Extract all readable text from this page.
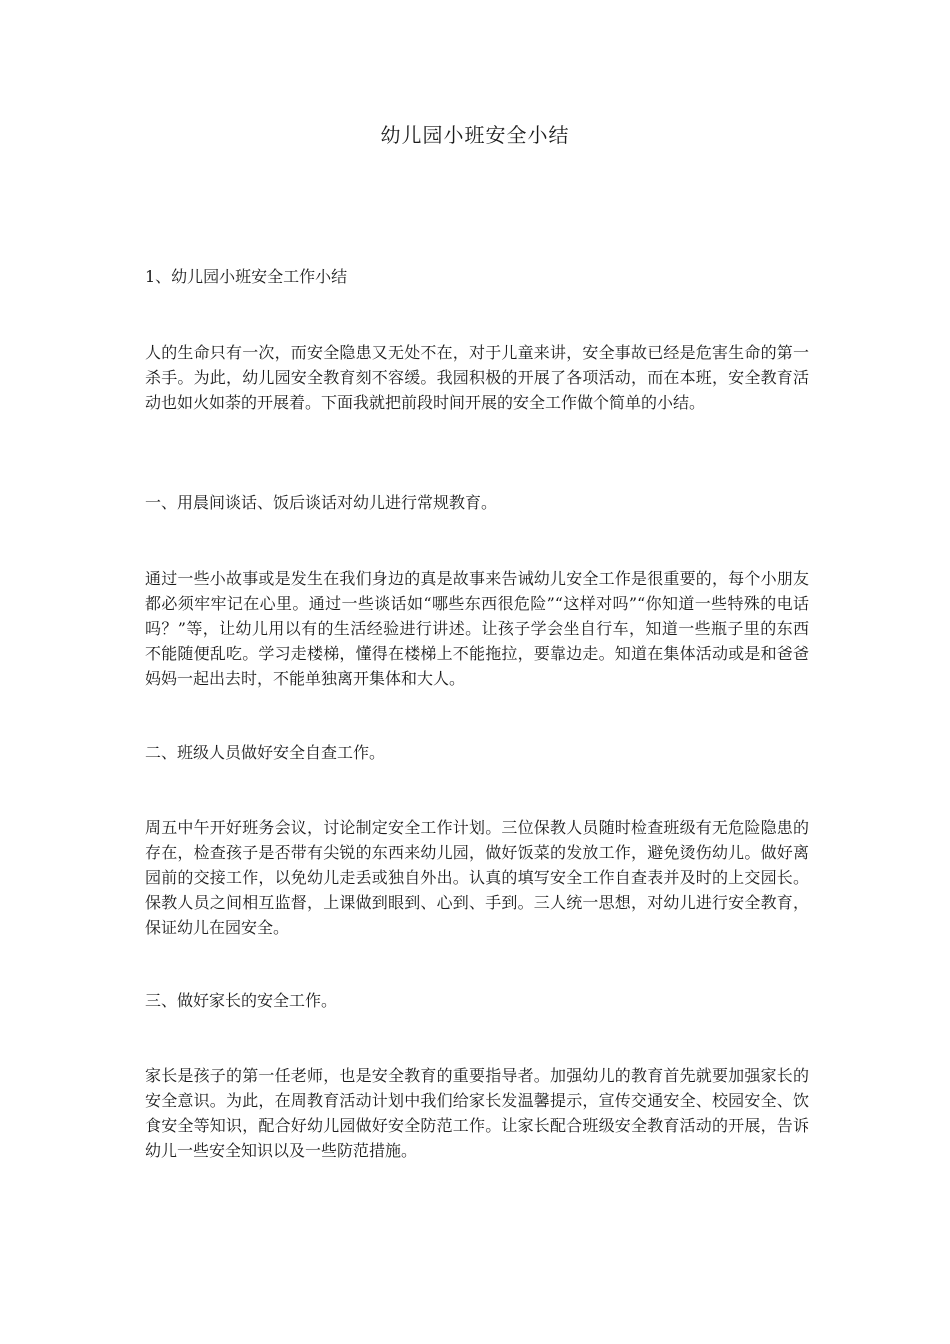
幼儿园小班安全小结

1、幼儿园小班安全工作小结

人的生命只有一次，而安全隐患又无处不在，对于儿童来讲，安全事故已经是危害生命的第一杀手。为此，幼儿园安全教育刻不容缓。我园积极的开展了各项活动，而在本班，安全教育活动也如火如荼的开展着。下面我就把前段时间开展的安全工作做个简单的小结。

一、用晨间谈话、饭后谈话对幼儿进行常规教育。

通过一些小故事或是发生在我们身边的真是故事来告诫幼儿安全工作是很重要的，每个小朋友都必须牢牢记在心里。通过一些谈话如“哪些东西很危险”“这样对吗”“你知道一些特殊的电话吗？”等，让幼儿用以有的生活经验进行讲述。让孩子学会坐自行车，知道一些瓶子里的东西不能随便乱吃。学习走楼梯，懂得在楼梯上不能拖拉，要靠边走。知道在集体活动或是和爸爸妈妈一起出去时，不能单独离开集体和大人。

二、班级人员做好安全自查工作。

周五中午开好班务会议，讨论制定安全工作计划。三位保教人员随时检查班级有无危险隐患的存在，检查孩子是否带有尖锐的东西来幼儿园，做好饭菜的发放工作，避免烫伤幼儿。做好离园前的交接工作，以免幼儿走丢或独自外出。认真的填写安全工作自查表并及时的上交园长。保教人员之间相互监督，上课做到眼到、心到、手到。三人统一思想，对幼儿进行安全教育，保证幼儿在园安全。

三、做好家长的安全工作。

家长是孩子的第一任老师，也是安全教育的重要指导者。加强幼儿的教育首先就要加强家长的安全意识。为此，在周教育活动计划中我们给家长发温馨提示，宣传交通安全、校园安全、饮食安全等知识，配合好幼儿园做好安全防范工作。让家长配合班级安全教育活动的开展，告诉幼儿一些安全知识以及一些防范措施。
